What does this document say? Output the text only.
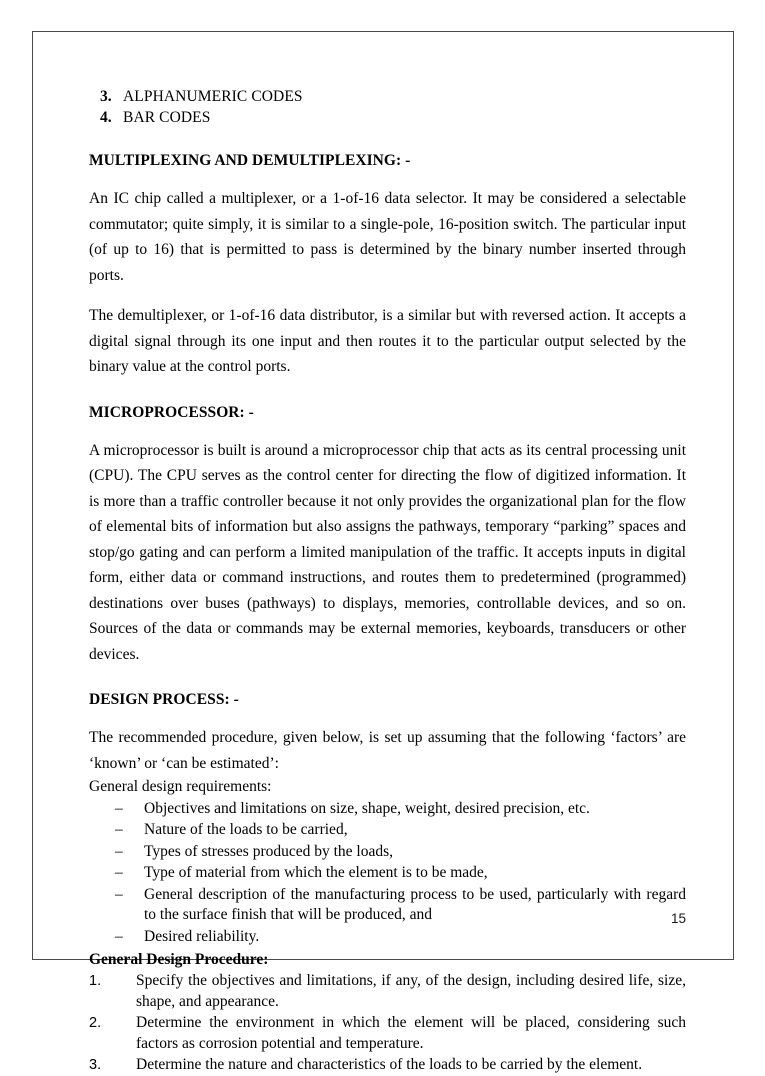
3. ALPHANUMERIC CODES
4. BAR CODES
MULTIPLEXING AND DEMULTIPLEXING: -

An IC chip called a multiplexer, or a 1-of-16 data selector. It may be considered a selectable commutator; quite simply, it is similar to a single-pole, 16-position switch. The particular input (of up to 16) that is permitted to pass is determined by the binary number inserted through ports.

The demultiplexer, or 1-of-16 data distributor, is a similar but with reversed action. It accepts a digital signal through its one input and then routes it to the particular output selected by the binary value at the control ports.

MICROPROCESSOR: -

A microprocessor is built is around a microprocessor chip that acts as its central processing unit (CPU). The CPU serves as the control center for directing the flow of digitized information. It is more than a traffic controller because it not only provides the organizational plan for the flow of elemental bits of information but also assigns the pathways, temporary “parking” spaces and stop/go gating and can perform a limited manipulation of the traffic. It accepts inputs in digital form, either data or command instructions, and routes them to predetermined (programmed) destinations over buses (pathways) to displays, memories, controllable devices, and so on. Sources of the data or commands may be external memories, keyboards, transducers or other devices.

DESIGN PROCESS: -

The recommended procedure, given below, is set up assuming that the following ‘factors’ are ‘known’ or ‘can be estimated’:

General design requirements:

–	Objectives and limitations on size, shape, weight, desired precision, etc.
–	Nature of the loads to be carried,
–	Types of stresses produced by the loads,
–	Type of material from which the element is to be made,
–	General description of the manufacturing process to be used, particularly with regard to the surface finish that will be produced, and
–	Desired reliability.
General Design Procedure:
1.	Specify the objectives and limitations, if any, of the design, including desired life, size, shape, and appearance.
2.	Determine the environment in which the element will be placed, considering such factors as corrosion potential and temperature.
3.	Determine the nature and characteristics of the loads to be carried by the element.
15
